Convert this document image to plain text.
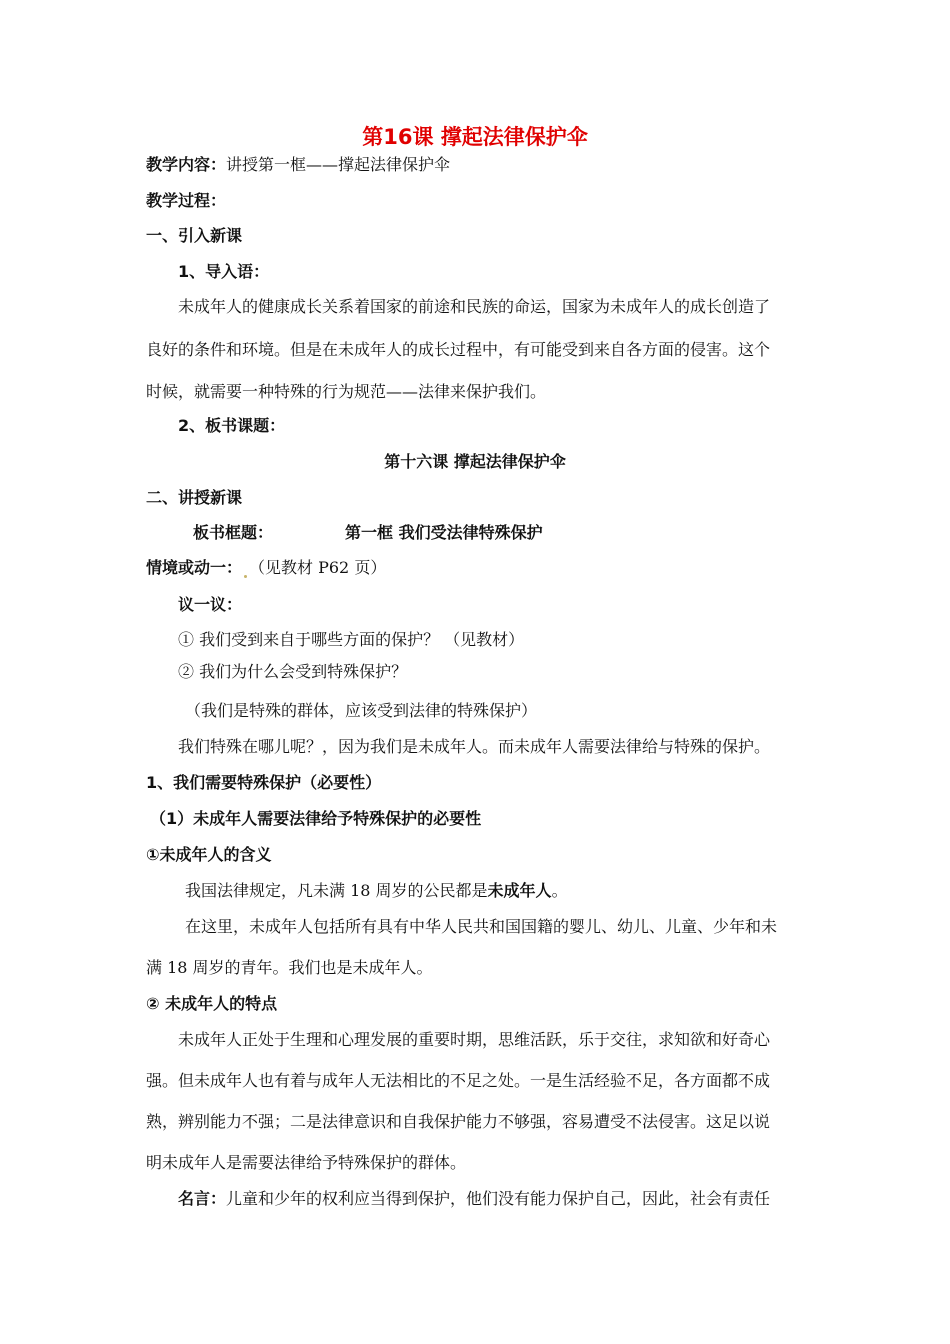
第16课 撑起法律保护伞
教学内容：讲授第一框——撑起法律保护伞
教学过程：
一、引入新课
1、导入语：
未成年人的健康成长关系着国家的前途和民族的命运，国家为未成年人的成长创造了
良好的条件和环境。但是在未成年人的成长过程中，有可能受到来自各方面的侵害。这个
时候，就需要一种特殊的行为规范——法律来保护我们。
2、板书课题：
第十六课 撑起法律保护伞
二、讲授新课
板书框题：	第一框 我们受法律特殊保护
情境或动一： （见教材 P62 页）
议一议：
① 我们受到来自于哪些方面的保护？ （见教材）
② 我们为什么会受到特殊保护？
（我们是特殊的群体，应该受到法律的特殊保护）
我们特殊在哪儿呢？，因为我们是未成年人。而未成年人需要法律给与特殊的保护。
1、我们需要特殊保护（必要性）
（1）未成年人需要法律给予特殊保护的必要性
①未成年人的含义
我国法律规定，凡未满 18 周岁的公民都是未成年人。
在这里，未成年人包括所有具有中华人民共和国国籍的婴儿、幼儿、儿童、少年和未
满 18 周岁的青年。我们也是未成年人。
② 未成年人的特点
未成年人正处于生理和心理发展的重要时期，思维活跃，乐于交往，求知欲和好奇心
强。但未成年人也有着与成年人无法相比的不足之处。一是生活经验不足，各方面都不成
熟，辨别能力不强；二是法律意识和自我保护能力不够强，容易遭受不法侵害。这足以说
明未成年人是需要法律给予特殊保护的群体。
名言：儿童和少年的权利应当得到保护，他们没有能力保护自己，因此，社会有责任
